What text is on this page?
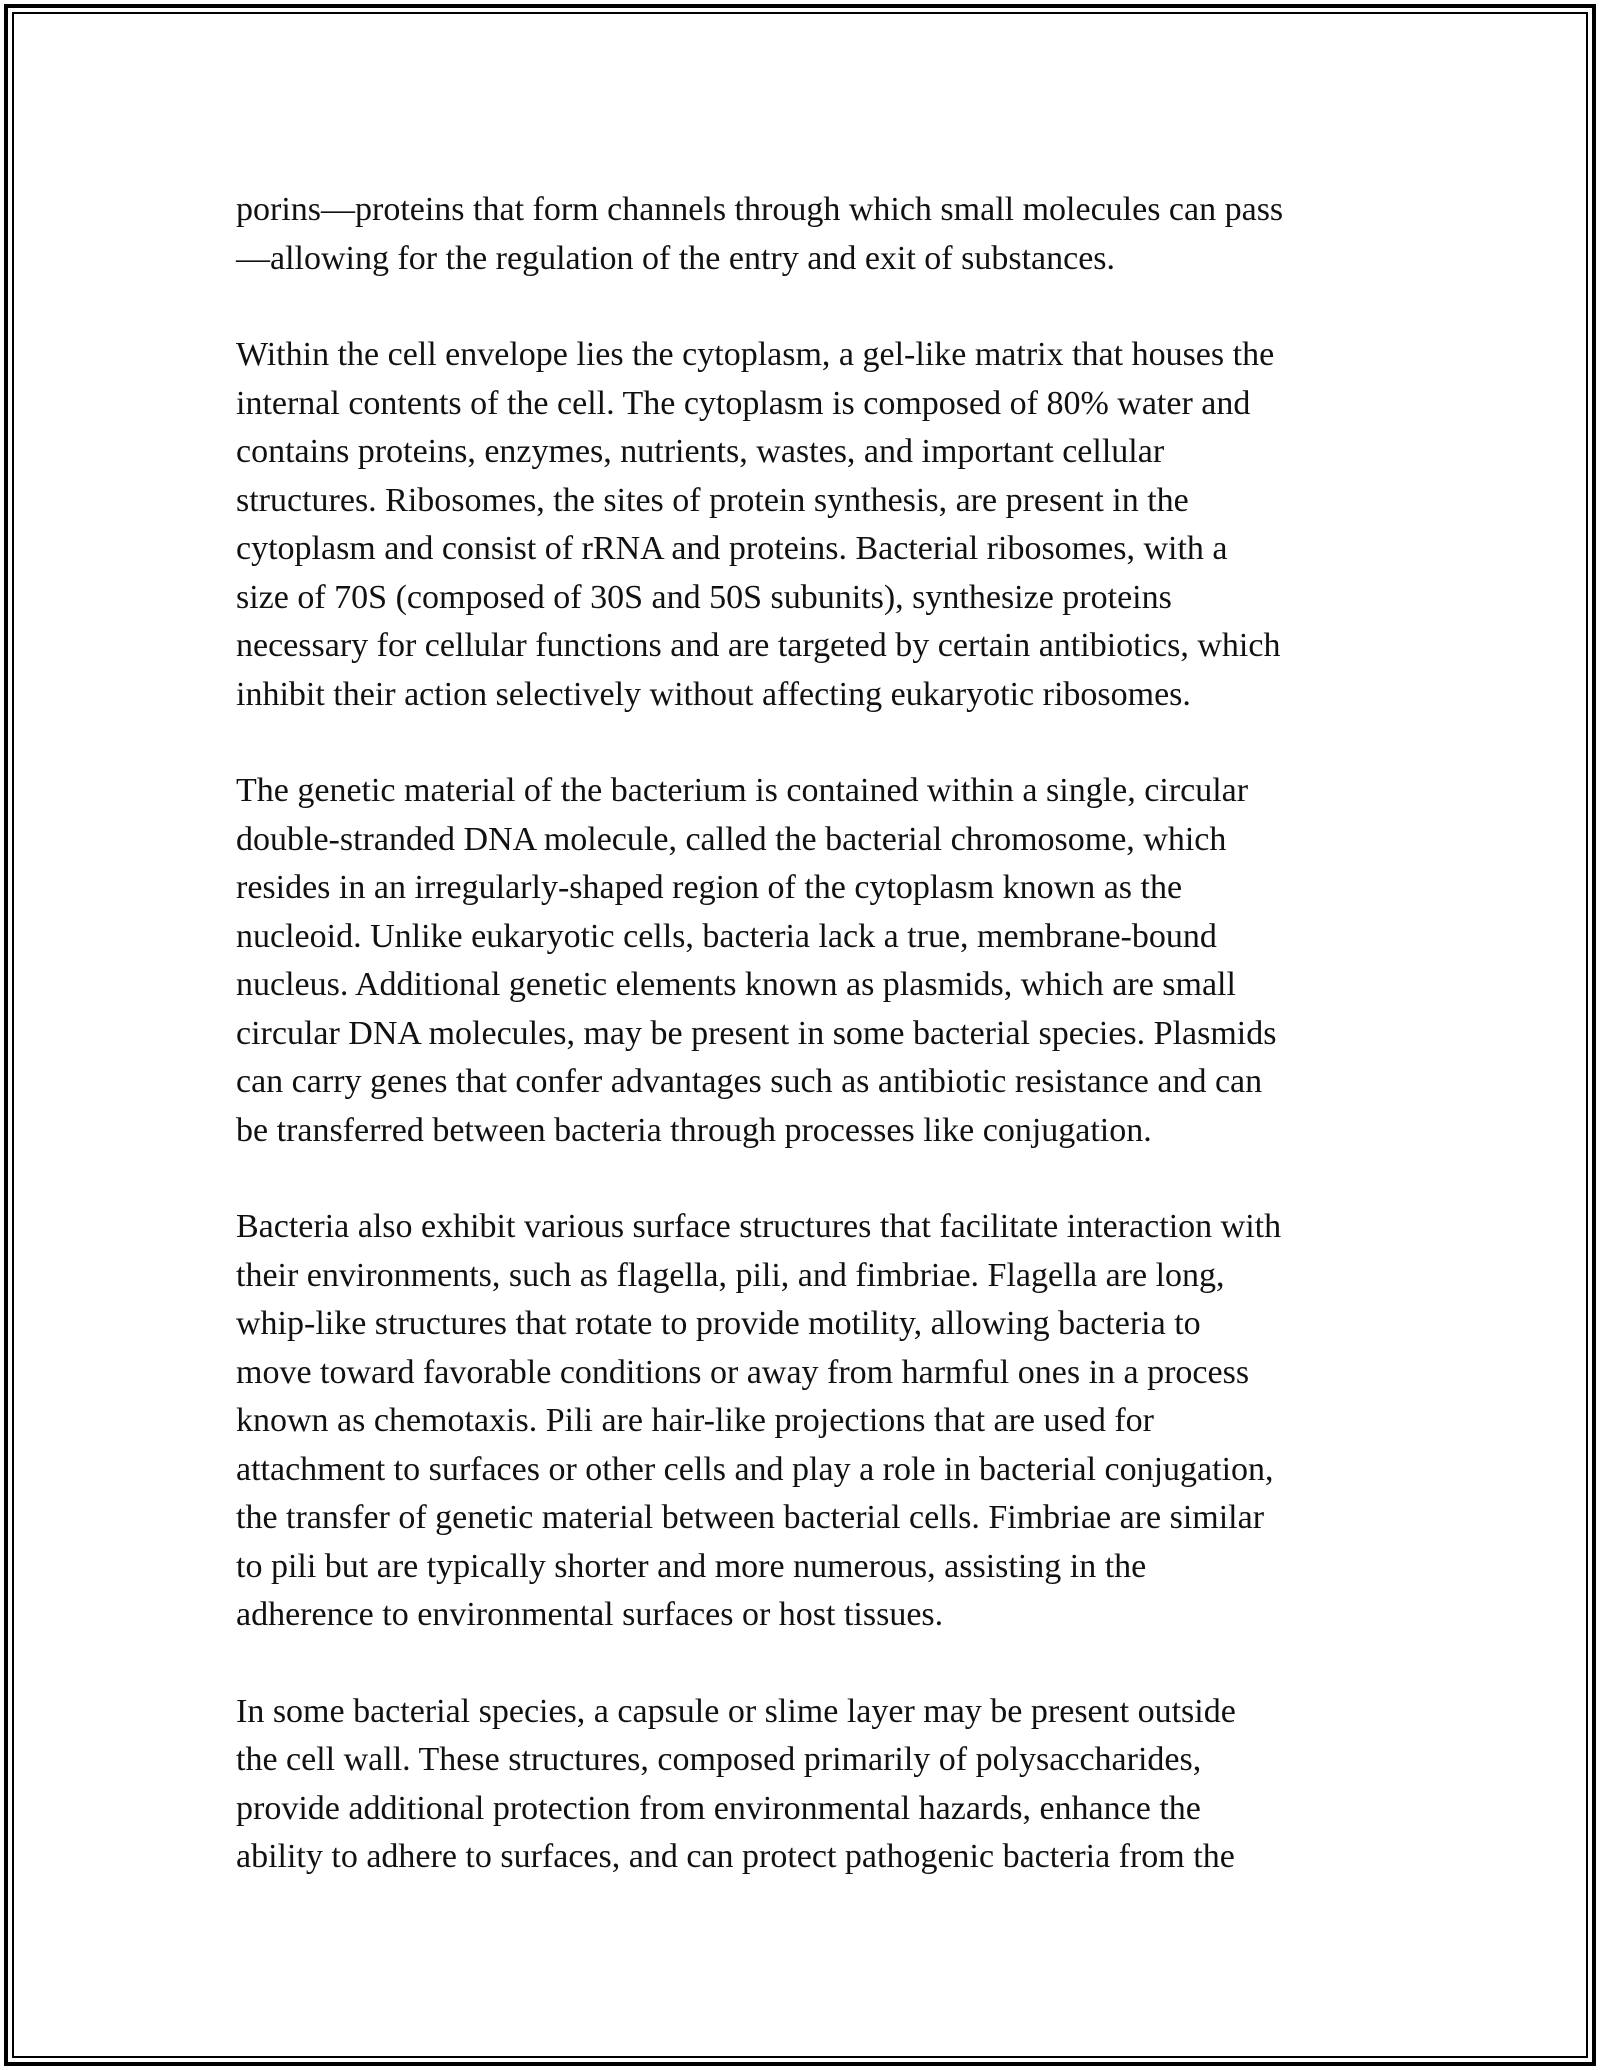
porins—proteins that form channels through which small molecules can pass
—allowing for the regulation of the entry and exit of substances.

Within the cell envelope lies the cytoplasm, a gel-like matrix that houses the
internal contents of the cell. The cytoplasm is composed of 80% water and
contains proteins, enzymes, nutrients, wastes, and important cellular
structures. Ribosomes, the sites of protein synthesis, are present in the
cytoplasm and consist of rRNA and proteins. Bacterial ribosomes, with a
size of 70S (composed of 30S and 50S subunits), synthesize proteins
necessary for cellular functions and are targeted by certain antibiotics, which
inhibit their action selectively without affecting eukaryotic ribosomes.

The genetic material of the bacterium is contained within a single, circular
double-stranded DNA molecule, called the bacterial chromosome, which
resides in an irregularly-shaped region of the cytoplasm known as the
nucleoid. Unlike eukaryotic cells, bacteria lack a true, membrane-bound
nucleus. Additional genetic elements known as plasmids, which are small
circular DNA molecules, may be present in some bacterial species. Plasmids
can carry genes that confer advantages such as antibiotic resistance and can
be transferred between bacteria through processes like conjugation.

Bacteria also exhibit various surface structures that facilitate interaction with
their environments, such as flagella, pili, and fimbriae. Flagella are long,
whip-like structures that rotate to provide motility, allowing bacteria to
move toward favorable conditions or away from harmful ones in a process
known as chemotaxis. Pili are hair-like projections that are used for
attachment to surfaces or other cells and play a role in bacterial conjugation,
the transfer of genetic material between bacterial cells. Fimbriae are similar
to pili but are typically shorter and more numerous, assisting in the
adherence to environmental surfaces or host tissues.

In some bacterial species, a capsule or slime layer may be present outside
the cell wall. These structures, composed primarily of polysaccharides,
provide additional protection from environmental hazards, enhance the
ability to adhere to surfaces, and can protect pathogenic bacteria from the
